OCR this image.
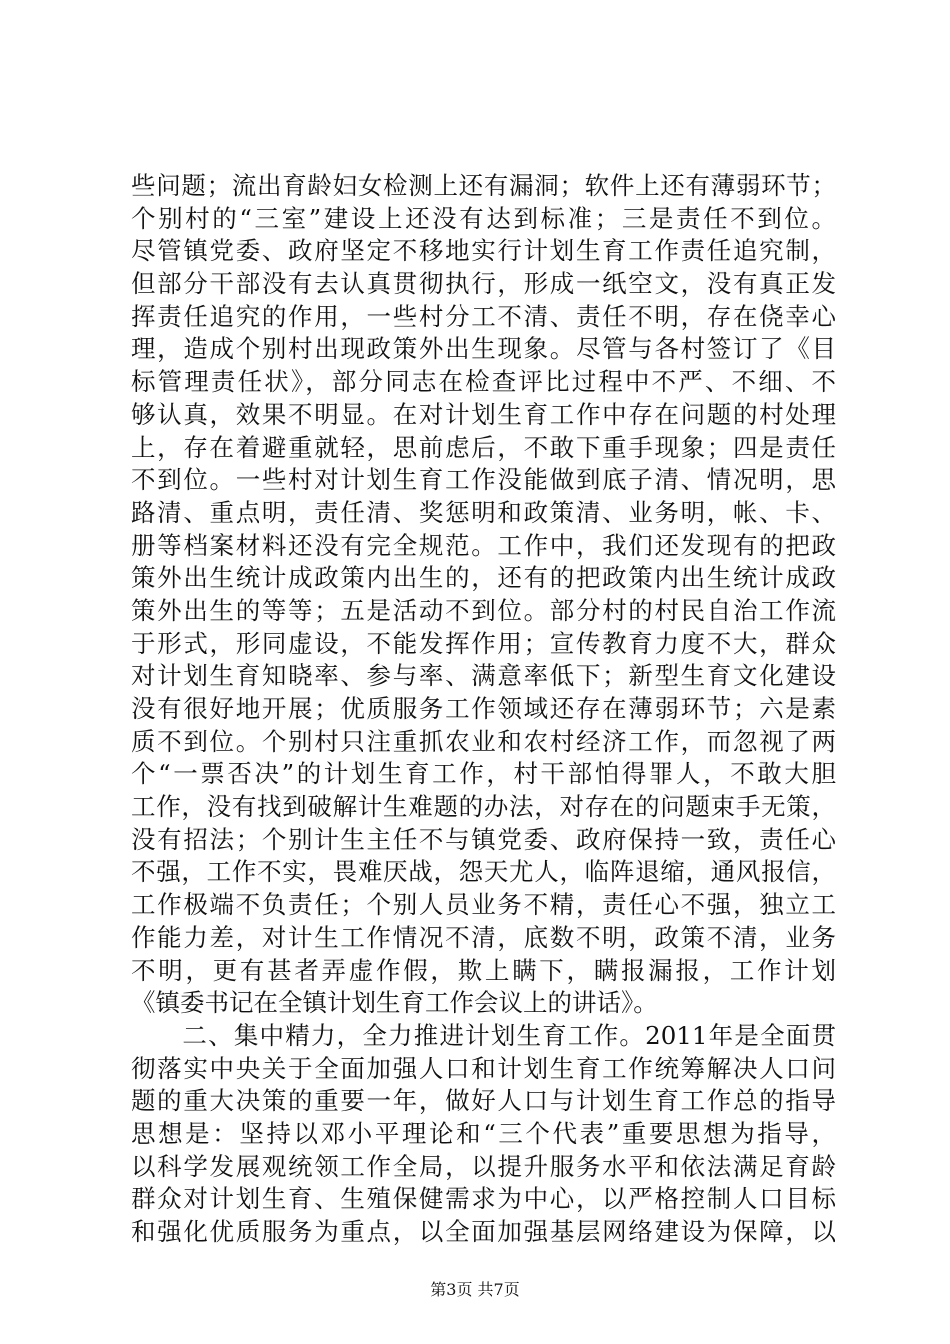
些问题；流出育龄妇女检测上还有漏洞；软件上还有薄弱环节；
个别村的“三室”建设上还没有达到标准；三是责任不到位。
尽管镇党委、政府坚定不移地实行计划生育工作责任追究制，
但部分干部没有去认真贯彻执行，形成一纸空文，没有真正发
挥责任追究的作用，一些村分工不清、责任不明，存在侥幸心
理，造成个别村出现政策外出生现象。尽管与各村签订了《目
标管理责任状》，部分同志在检查评比过程中不严、不细、不
够认真，效果不明显。在对计划生育工作中存在问题的村处理
上，存在着避重就轻，思前虑后，不敢下重手现象；四是责任
不到位。一些村对计划生育工作没能做到底子清、情况明，思
路清、重点明，责任清、奖惩明和政策清、业务明，帐、卡、
册等档案材料还没有完全规范。工作中，我们还发现有的把政
策外出生统计成政策内出生的，还有的把政策内出生统计成政
策外出生的等等；五是活动不到位。部分村的村民自治工作流
于形式，形同虚设，不能发挥作用；宣传教育力度不大，群众
对计划生育知晓率、参与率、满意率低下；新型生育文化建设
没有很好地开展；优质服务工作领域还存在薄弱环节；六是素
质不到位。个别村只注重抓农业和农村经济工作，而忽视了两
个“一票否决”的计划生育工作，村干部怕得罪人，不敢大胆
工作，没有找到破解计生难题的办法，对存在的问题束手无策，
没有招法；个别计生主任不与镇党委、政府保持一致，责任心
不强，工作不实，畏难厌战，怨天尤人，临阵退缩，通风报信，
工作极端不负责任；个别人员业务不精，责任心不强，独立工
作能力差，对计生工作情况不清，底数不明，政策不清，业务
不明，更有甚者弄虚作假，欺上瞒下，瞒报漏报，工作计划
《镇委书记在全镇计划生育工作会议上的讲话》。
　　二、集中精力，全力推进计划生育工作。2011年是全面贯
彻落实中央关于全面加强人口和计划生育工作统筹解决人口问
题的重大决策的重要一年，做好人口与计划生育工作总的指导
思想是：坚持以邓小平理论和“三个代表”重要思想为指导，
以科学发展观统领工作全局，以提升服务水平和依法满足育龄
群众对计划生育、生殖保健需求为中心，以严格控制人口目标
和强化优质服务为重点，以全面加强基层网络建设为保障，以
第3页 共7页
